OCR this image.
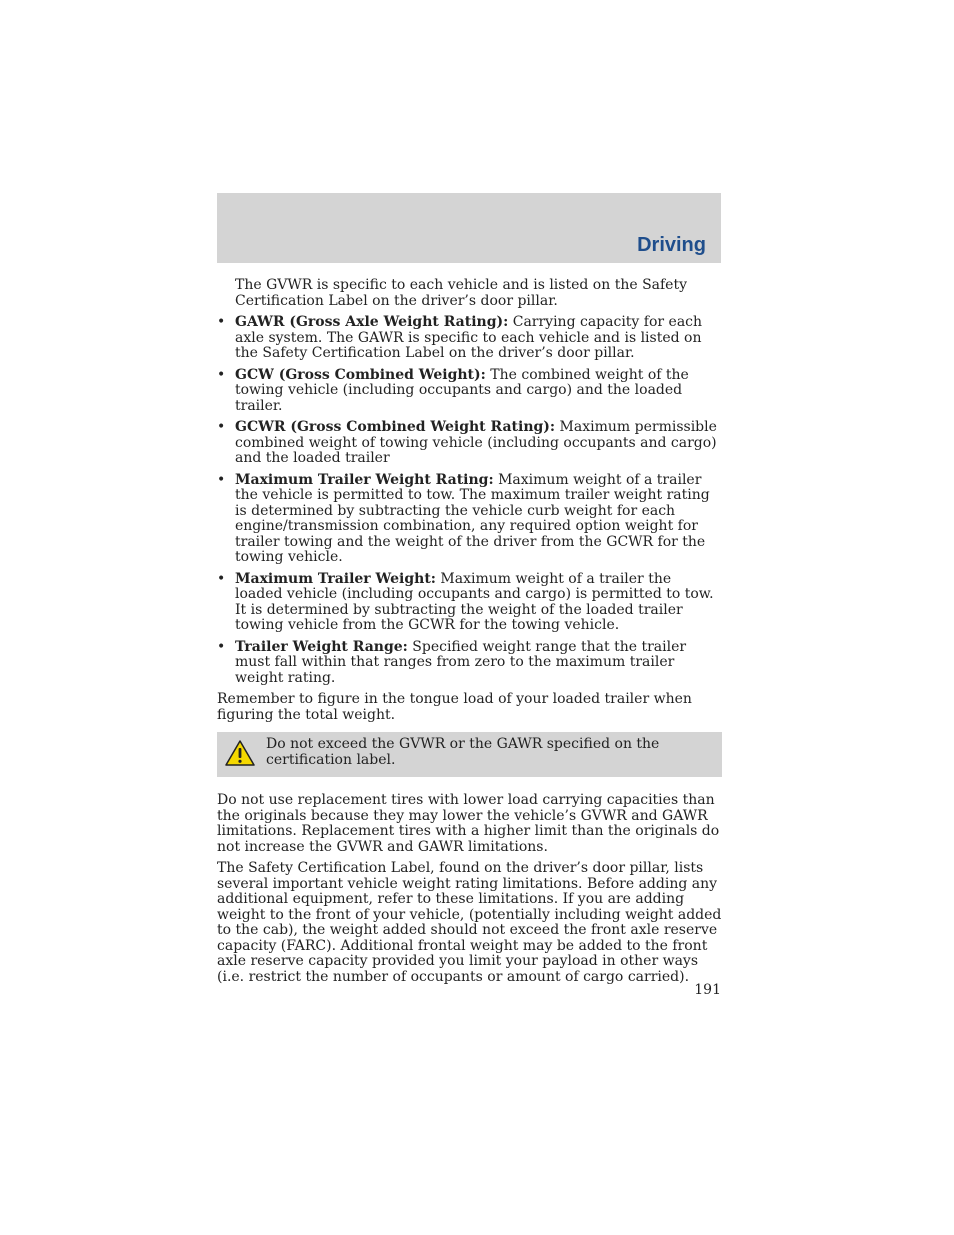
Driving

The GVWR is specific to each vehicle and is listed on the Safety Certification Label on the driver’s door pillar.

• GAWR (Gross Axle Weight Rating): Carrying capacity for each axle system. The GAWR is specific to each vehicle and is listed on the Safety Certification Label on the driver’s door pillar.
• GCW (Gross Combined Weight): The combined weight of the towing vehicle (including occupants and cargo) and the loaded trailer.
• GCWR (Gross Combined Weight Rating): Maximum permissible combined weight of towing vehicle (including occupants and cargo) and the loaded trailer
• Maximum Trailer Weight Rating: Maximum weight of a trailer the vehicle is permitted to tow. The maximum trailer weight rating is determined by subtracting the vehicle curb weight for each engine/transmission combination, any required option weight for trailer towing and the weight of the driver from the GCWR for the towing vehicle.
• Maximum Trailer Weight: Maximum weight of a trailer the loaded vehicle (including occupants and cargo) is permitted to tow. It is determined by subtracting the weight of the loaded trailer towing vehicle from the GCWR for the towing vehicle.
• Trailer Weight Range: Specified weight range that the trailer must fall within that ranges from zero to the maximum trailer weight rating.

Remember to figure in the tongue load of your loaded trailer when figuring the total weight.

Do not exceed the GVWR or the GAWR specified on the certification label.

Do not use replacement tires with lower load carrying capacities than the originals because they may lower the vehicle’s GVWR and GAWR limitations. Replacement tires with a higher limit than the originals do not increase the GVWR and GAWR limitations.

The Safety Certification Label, found on the driver’s door pillar, lists several important vehicle weight rating limitations. Before adding any additional equipment, refer to these limitations. If you are adding weight to the front of your vehicle, (potentially including weight added to the cab), the weight added should not exceed the front axle reserve capacity (FARC). Additional frontal weight may be added to the front axle reserve capacity provided you limit your payload in other ways (i.e. restrict the number of occupants or amount of cargo carried).

191
